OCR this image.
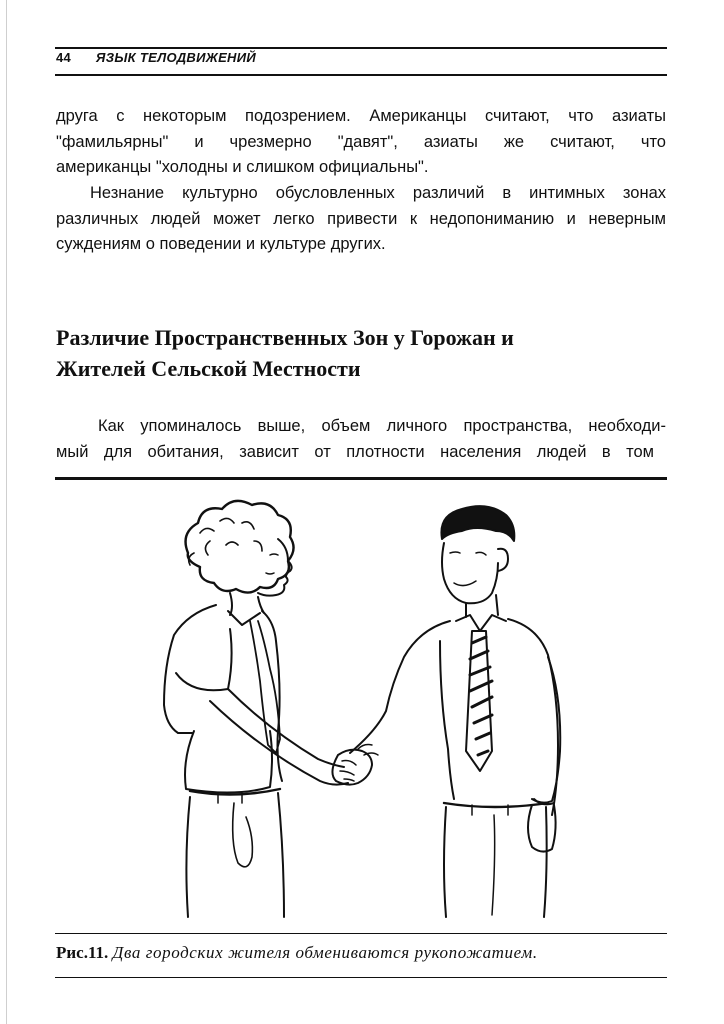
44 ЯЗЫК ТЕЛОДВИЖЕНИЙ
друга с некоторым подозрением. Американцы считают, что азиаты
"фамильярны" и чрезмерно "давят", азиаты же считают, что
американцы "холодны и слишком официальны".
Незнание культурно обусловленных различий в интимных зонах
различных людей может легко привести к недопониманию и неверным
суждениям о поведении и культуре других.
Различие Пространственных Зон у Горожан и
Жителей Сельской Местности
Как упоминалось выше, объем личного пространства, необходи-
мый для обитания, зависит от плотности населения людей в том
Рис.11. Два городских жителя обмениваются рукопожатием.
